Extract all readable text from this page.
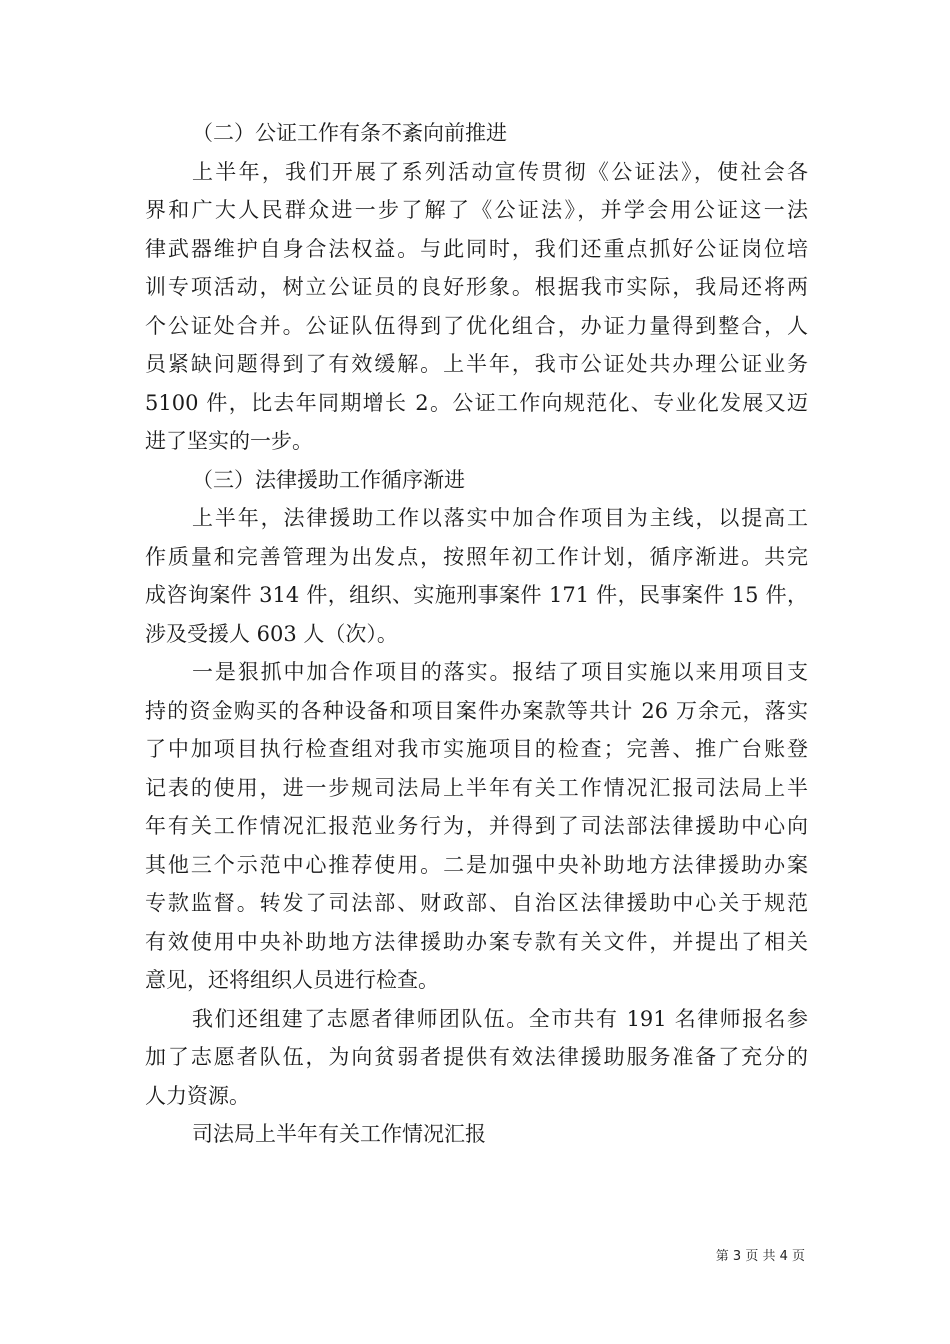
（二）公证工作有条不紊向前推进
上半年，我们开展了系列活动宣传贯彻《公证法》，使社会各
界和广大人民群众进一步了解了《公证法》，并学会用公证这一法
律武器维护自身合法权益。与此同时，我们还重点抓好公证岗位培
训专项活动，树立公证员的良好形象。根据我市实际，我局还将两
个公证处合并。公证队伍得到了优化组合，办证力量得到整合，人
员紧缺问题得到了有效缓解。上半年，我市公证处共办理公证业务
5100 件，比去年同期增长 2。公证工作向规范化、专业化发展又迈
进了坚实的一步。
（三）法律援助工作循序渐进
上半年，法律援助工作以落实中加合作项目为主线，以提高工
作质量和完善管理为出发点，按照年初工作计划，循序渐进。共完
成咨询案件 314 件，组织、实施刑事案件 171 件，民事案件 15 件，
涉及受援人 603 人（次）。
一是狠抓中加合作项目的落实。报结了项目实施以来用项目支
持的资金购买的各种设备和项目案件办案款等共计 26 万余元，落实
了中加项目执行检查组对我市实施项目的检查；完善、推广台账登
记表的使用，进一步规司法局上半年有关工作情况汇报司法局上半
年有关工作情况汇报范业务行为，并得到了司法部法律援助中心向
其他三个示范中心推荐使用。二是加强中央补助地方法律援助办案
专款监督。转发了司法部、财政部、自治区法律援助中心关于规范
有效使用中央补助地方法律援助办案专款有关文件，并提出了相关
意见，还将组织人员进行检查。
我们还组建了志愿者律师团队伍。全市共有 191 名律师报名参
加了志愿者队伍，为向贫弱者提供有效法律援助服务准备了充分的
人力资源。
司法局上半年有关工作情况汇报
第 3 页 共 4 页
